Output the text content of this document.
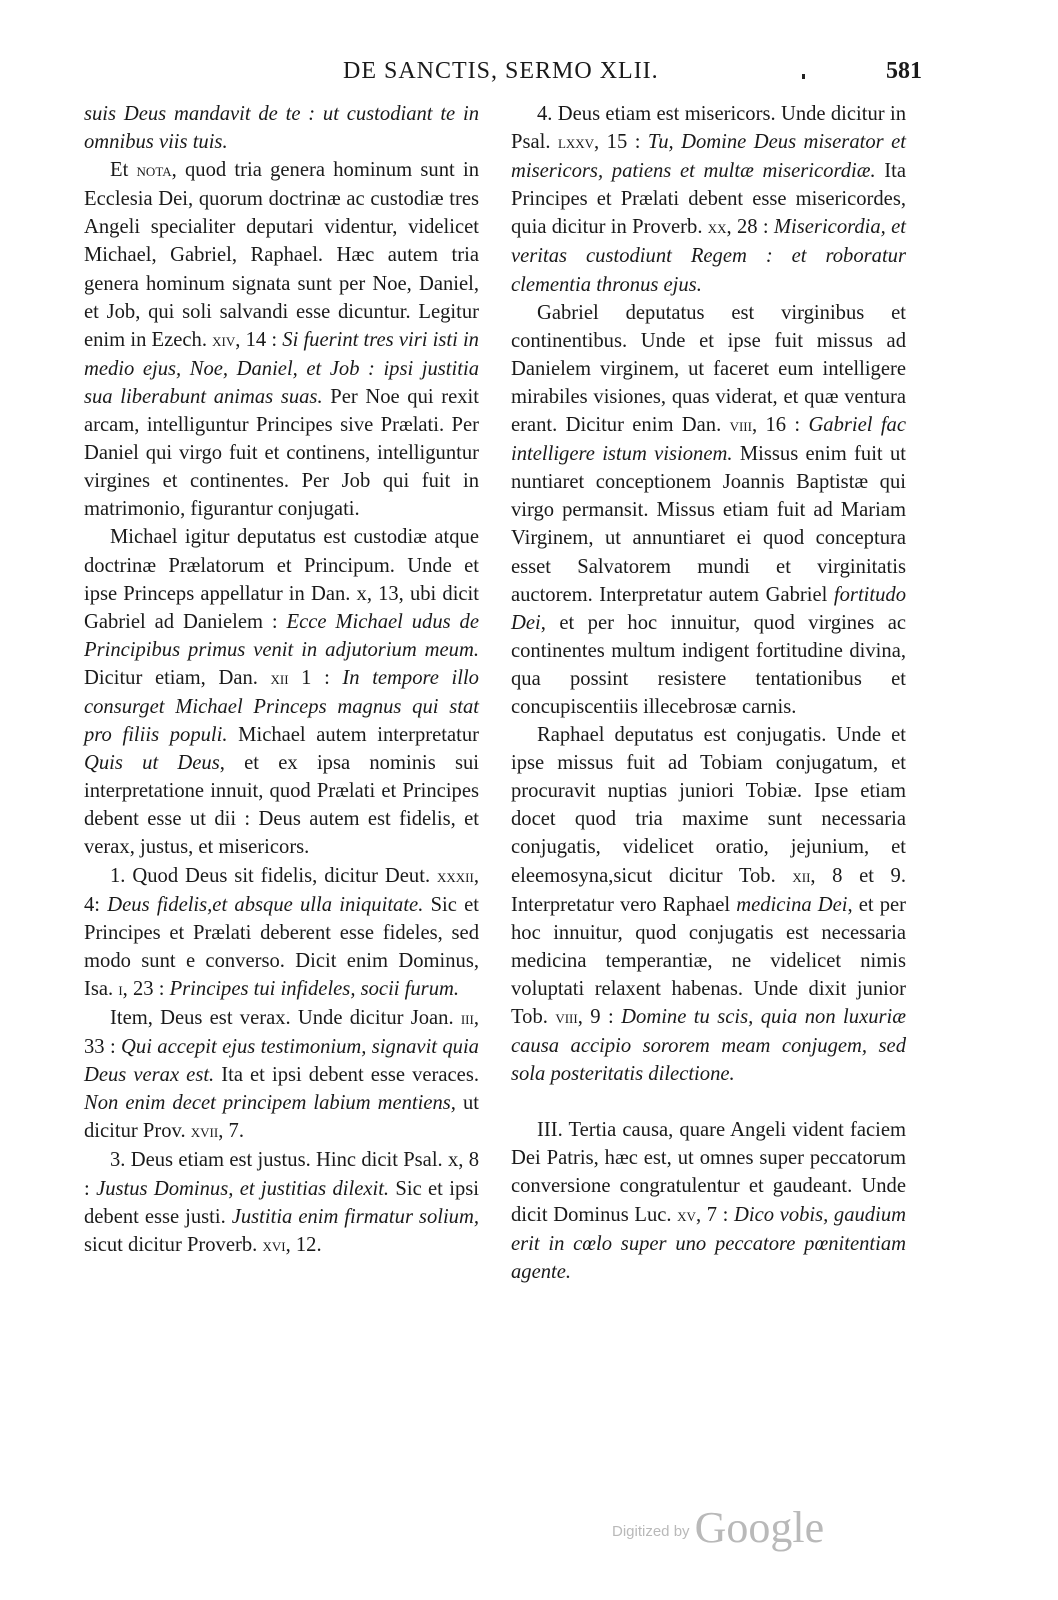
DE SANCTIS, SERMO XLII.	581

suis Deus mandavit de te : ut custodiant te in omnibus viis tuis.

Et nota, quod tria genera hominum sunt in Ecclesia Dei, quorum doctrinæ ac custodiæ tres Angeli specialiter deputari videntur, videlicet Michael, Gabriel, Raphael. Hæc autem tria genera hominum signata sunt per Noe, Daniel, et Job, qui soli salvandi esse dicuntur. Legitur enim in Ezech. xiv, 14 : Si fuerint tres viri isti in medio ejus, Noe, Daniel, et Job : ipsi justitia sua liberabunt animas suas. Per Noe qui rexit arcam, intelliguntur Principes sive Prælati. Per Daniel qui virgo fuit et continens, intelliguntur virgines et continentes. Per Job qui fuit in matrimonio, figurantur conjugati.

Michael igitur deputatus est custodiæ atque doctrinæ Prælatorum et Principum. Unde et ipse Princeps appellatur in Dan. x, 13, ubi dicit Gabriel ad Danielem : Ecce Michael udus de Principibus primus venit in adjutorium meum. Dicitur etiam, Dan. xii 1 : In tempore illo consurget Michael Princeps magnus qui stat pro filiis populi. Michael autem interpretatur Quis ut Deus, et ex ipsa nominis sui interpretatione innuit, quod Prælati et Principes debent esse ut dii : Deus autem est fidelis, et verax, justus, et misericors.

1. Quod Deus sit fidelis, dicitur Deut. xxxii, 4: Deus fidelis,et absque ulla iniquitate. Sic et Principes et Prælati deberent esse fideles, sed modo sunt e converso. Dicit enim Dominus, Isa. i, 23 : Principes tui infideles, socii furum.

Item, Deus est verax. Unde dicitur Joan. iii, 33 : Qui accepit ejus testimonium, signavit quia Deus verax est. Ita et ipsi debent esse veraces. Non enim decet principem labium mentiens, ut dicitur Prov. xvii, 7.

3. Deus etiam est justus. Hinc dicit Psal. x, 8 : Justus Dominus, et justitias dilexit. Sic et ipsi debent esse justi. Justitia enim firmatur solium, sicut dicitur Proverb. xvi, 12.

4. Deus etiam est misericors. Unde dicitur in Psal. lxxv, 15 : Tu, Domine Deus miserator et misericors, patiens et multæ misericordiæ. Ita Principes et Prælati debent esse misericordes, quia dicitur in Proverb. xx, 28 : Misericordia, et veritas custodiunt Regem : et roboratur clementia thronus ejus.

Gabriel deputatus est virginibus et continentibus. Unde et ipse fuit missus ad Danielem virginem, ut faceret eum intelligere mirabiles visiones, quas viderat, et quæ ventura erant. Dicitur enim Dan. viii, 16 : Gabriel fac intelligere istum visionem. Missus enim fuit ut nuntiaret conceptionem Joannis Baptistæ qui virgo permansit. Missus etiam fuit ad Mariam Virginem, ut annuntiaret ei quod conceptura esset Salvatorem mundi et virginitatis auctorem. Interpretatur autem Gabriel fortitudo Dei, et per hoc innuitur, quod virgines ac continentes multum indigent fortitudine divina, qua possint resistere tentationibus et concupiscentiis illecebrosæ carnis.

Raphael deputatus est conjugatis. Unde et ipse missus fuit ad Tobiam conjugatum, et procuravit nuptias juniori Tobiæ. Ipse etiam docet quod tria maxime sunt necessaria conjugatis, videlicet oratio, jejunium, et eleemosyna,sicut dicitur Tob. xii, 8 et 9. Interpretatur vero Raphael medicina Dei, et per hoc innuitur, quod conjugatis est necessaria medicina temperantiæ, ne videlicet nimis voluptati relaxent habenas. Unde dixit junior Tob. viii, 9 : Domine tu scis, quia non luxuriæ causa accipio sororem meam conjugem, sed sola posteritatis dilectione.

III. Tertia causa, quare Angeli vident faciem Dei Patris, hæc est, ut omnes super peccatorum conversione congratulentur et gaudeant. Unde dicit Dominus Luc. xv, 7 : Dico vobis, gaudium erit in cœlo super uno peccatore pœnitentiam agente.

Digitized by Google
